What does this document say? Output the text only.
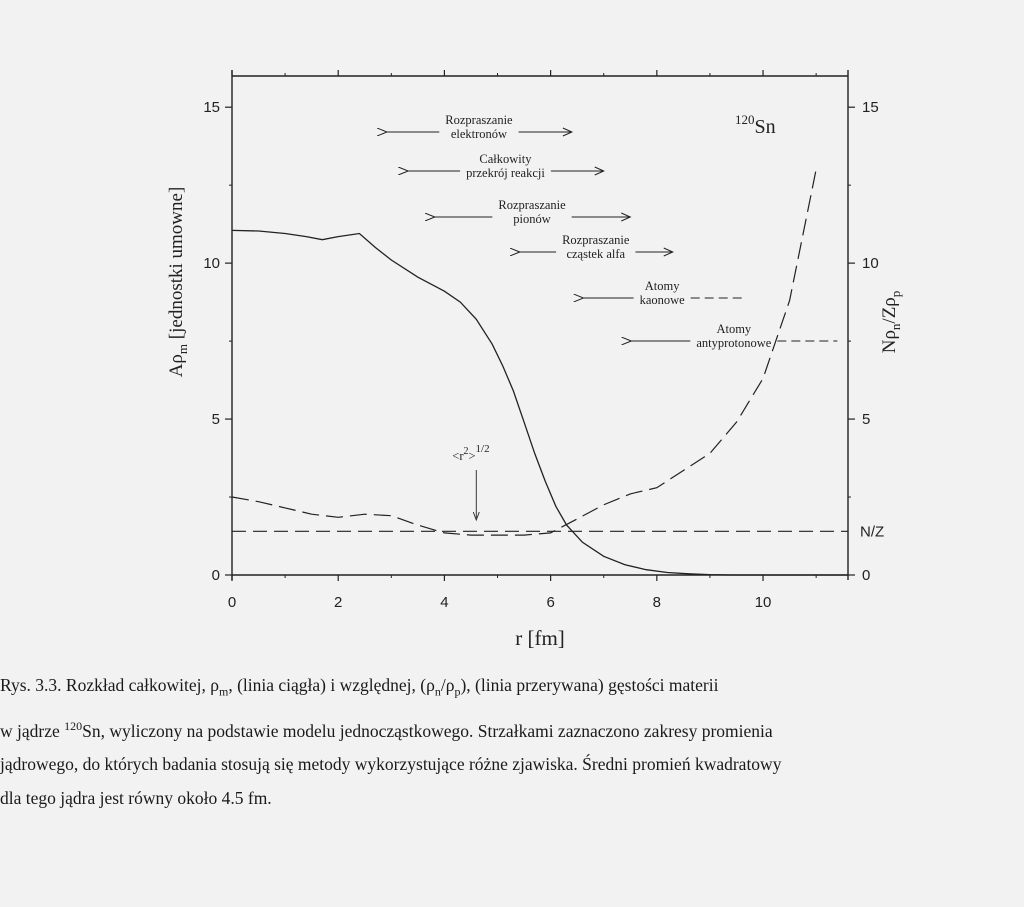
0	2	4	6	8	10
0
5
10
15
0
5
10
15
N/Z
Rozpraszanie
elektronów
Całkowity
przekrój reakcji
Rozpraszanie
pionów
Rozpraszanie
cząstek alfa
Atomy
kaonowe
Atomy
antyprotonowe
$<r^2>1/2$
$^{120}$Sn
r [fm]
$A\rho_m$ [jednostki umowne]	$N\rho_n/Z\rho_p$
Rys. 3.3. Rozkład całkowitej, $\rho_m$, (linia ciągła) i względnej, $(\rho_n/\rho_p)$, (linia przerywana) gęstości materii
w jądrze $^{120}$Sn, wyliczony na podstawie modelu jednocząstkowego. Strzałkami zaznaczono zakresy promienia
jądrowego, do których badania stosują się metody wykorzystujące różne zjawiska. Średni promień kwadratowy
dla tego jądra jest równy około 4.5 fm.
